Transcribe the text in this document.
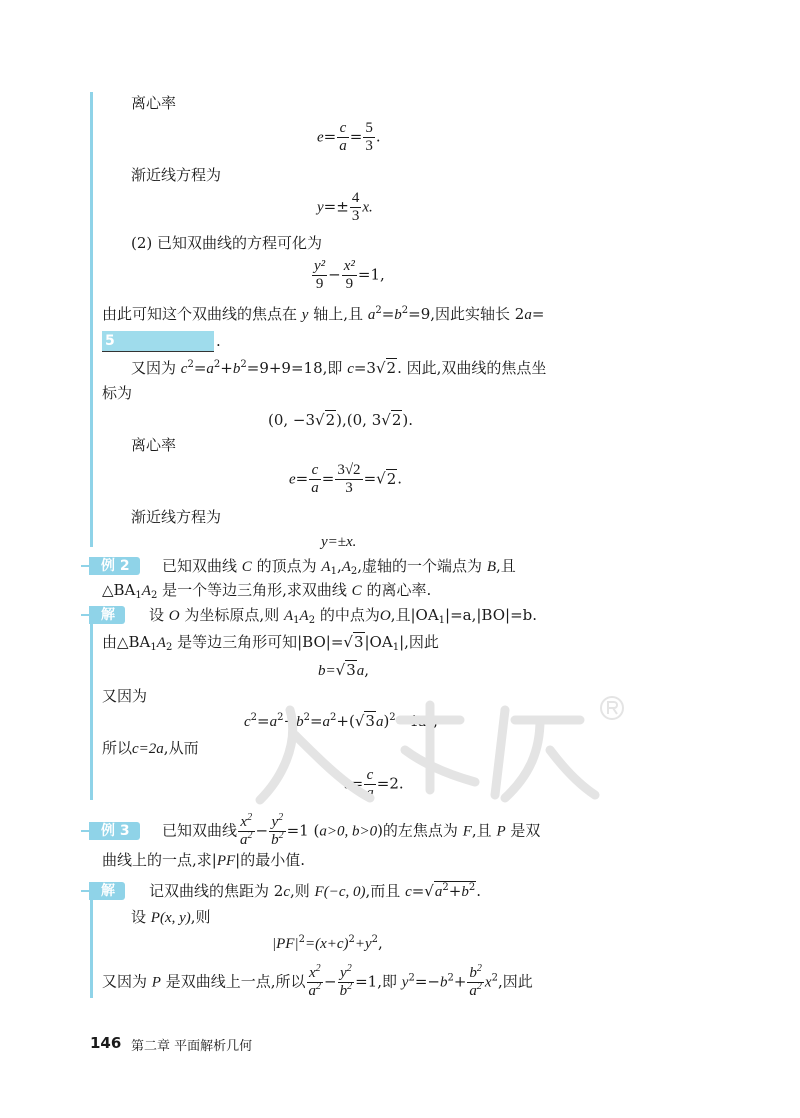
离心率
$e= \frac{c}{a} = \frac{5}{3}$ .
渐近线方程为
$y=\pm \frac{4}{3} x$.
(2) 已知双曲线的方程可化为
$\frac{\text{y²}}{9} - \frac{\text{x²}}{9} =1$,
由此可知这个双曲线的焦点在 y 轴上,且 $a^2=b^2=9$,因此实轴长 2a=
5	.
又因为 $c^2=a^2+b^2=9+9=18$,即 c=3√2. 因此,双曲线的焦点坐
标为
(0, −3√2),(0, 3√2).
离心率
$e= \frac{c}{a} = \frac{3√2}{3} =√2$.
渐近线方程为
y=±x.
例 2	已知双曲线 C 的顶点为 $A_1,A_2$,虚轴的一个端点为 B,且
$\triangle BA_1A_2$ 是一个等边三角形,求双曲线 C 的离心率.
解	设 O 为坐标原点,则 $A_1A_2$ 的中点为O,且$|OA_1|=a,|BO|=b$.
由$\triangle BA_1A_2$ 是等边三角形可知$|BO|=√3|OA_1|$,因此
b=√3a,
又因为
$c^2=a^2+b^2=a^2+(√3a)^2=4a^2$,
所以c=2a,从而
$e= \frac{c}{a} =2$.
例 3	已知双曲线 $\frac{x^2}{a^2} - \frac{y^2}{b^2} =1$ (a>0, b>0)的左焦点为 F,且 P 是双
曲线上的一点,求|PF|的最小值.
解	记双曲线的焦距为 2c,则 F(−c, 0),而且 $c=√a^2+b^2$.
设 P(x, y),则
$|PF|^2=(x+c)^2+y^2$,
又因为 P 是双曲线上一点,所以 $\frac{x^2}{a^2} - \frac{y^2}{b^2} =1$,即 $y^2=-b^2+ \frac{b^2}{a^2} x^2$,因此
146 第二章 平面解析几何
